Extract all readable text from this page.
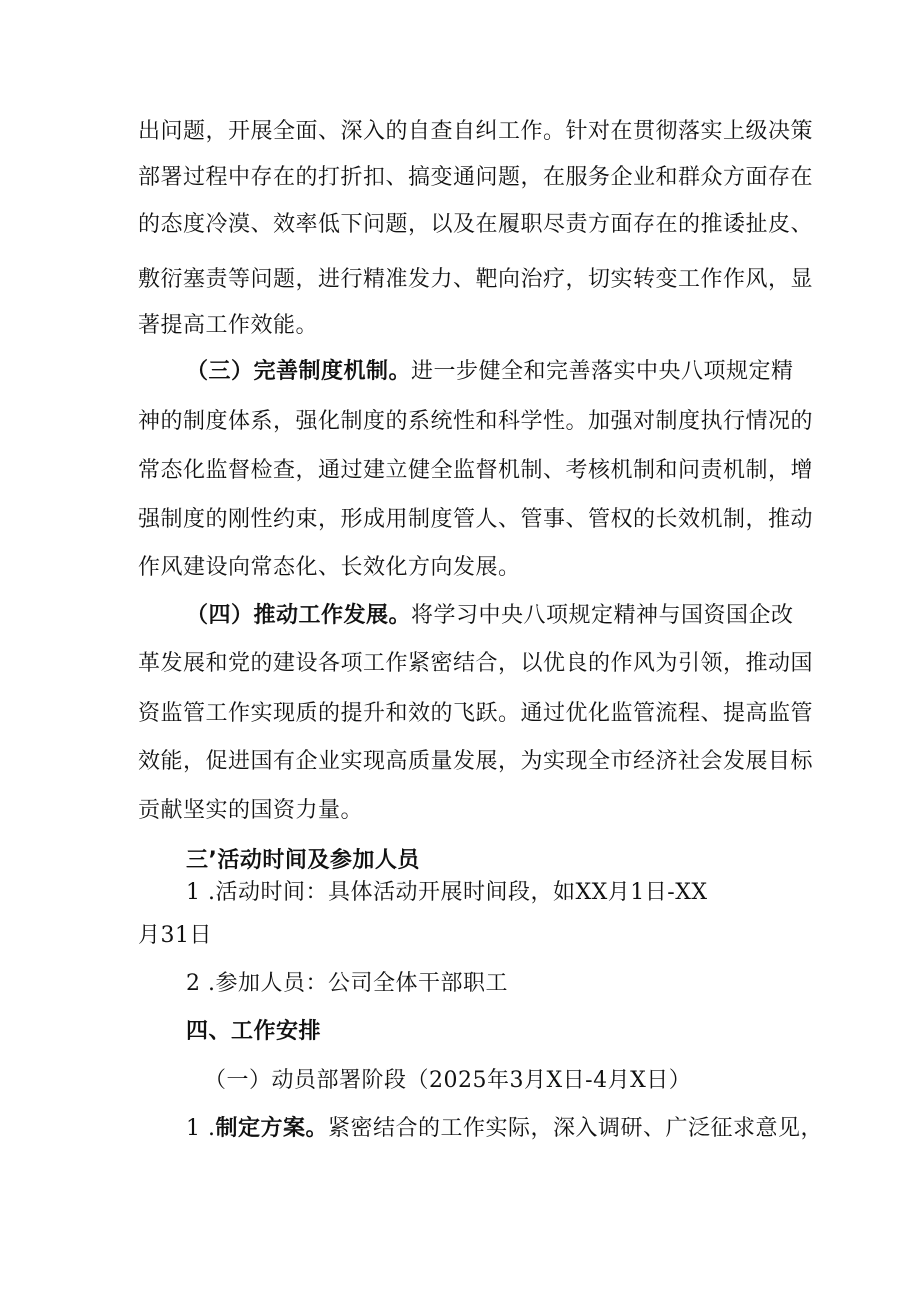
出问题，开展全面、深入的自查自纠工作。针对在贯彻落实上级决策
部署过程中存在的打折扣、搞变通问题，在服务企业和群众方面存在
的态度冷漠、效率低下问题，以及在履职尽责方面存在的推诿扯皮、
敷衍塞责等问题，进行精准发力、靶向治疗，切实转变工作作风，显
著提高工作效能。
（三）完善制度机制。进一步健全和完善落实中央八项规定精
神的制度体系，强化制度的系统性和科学性。加强对制度执行情况的
常态化监督检查，通过建立健全监督机制、考核机制和问责机制，增
强制度的刚性约束，形成用制度管人、管事、管权的长效机制，推动
作风建设向常态化、长效化方向发展。
（四）推动工作发展。将学习中央八项规定精神与国资国企改
革发展和党的建设各项工作紧密结合，以优良的作风为引领，推动国
资监管工作实现质的提升和效的飞跃。通过优化监管流程、提高监管
效能，促进国有企业实现高质量发展，为实现全市经济社会发展目标
贡献坚实的国资力量。
三’活动时间及参加人员
1 .活动时间：具体活动开展时间段，如XX月1日-XX
月31日
2 .参加人员：公司全体干部职工
四、工作安排
（一）动员部署阶段（2025年3月X日-4月X日）
1 .制定方案。紧密结合的工作实际，深入调研、广泛征求意见，
